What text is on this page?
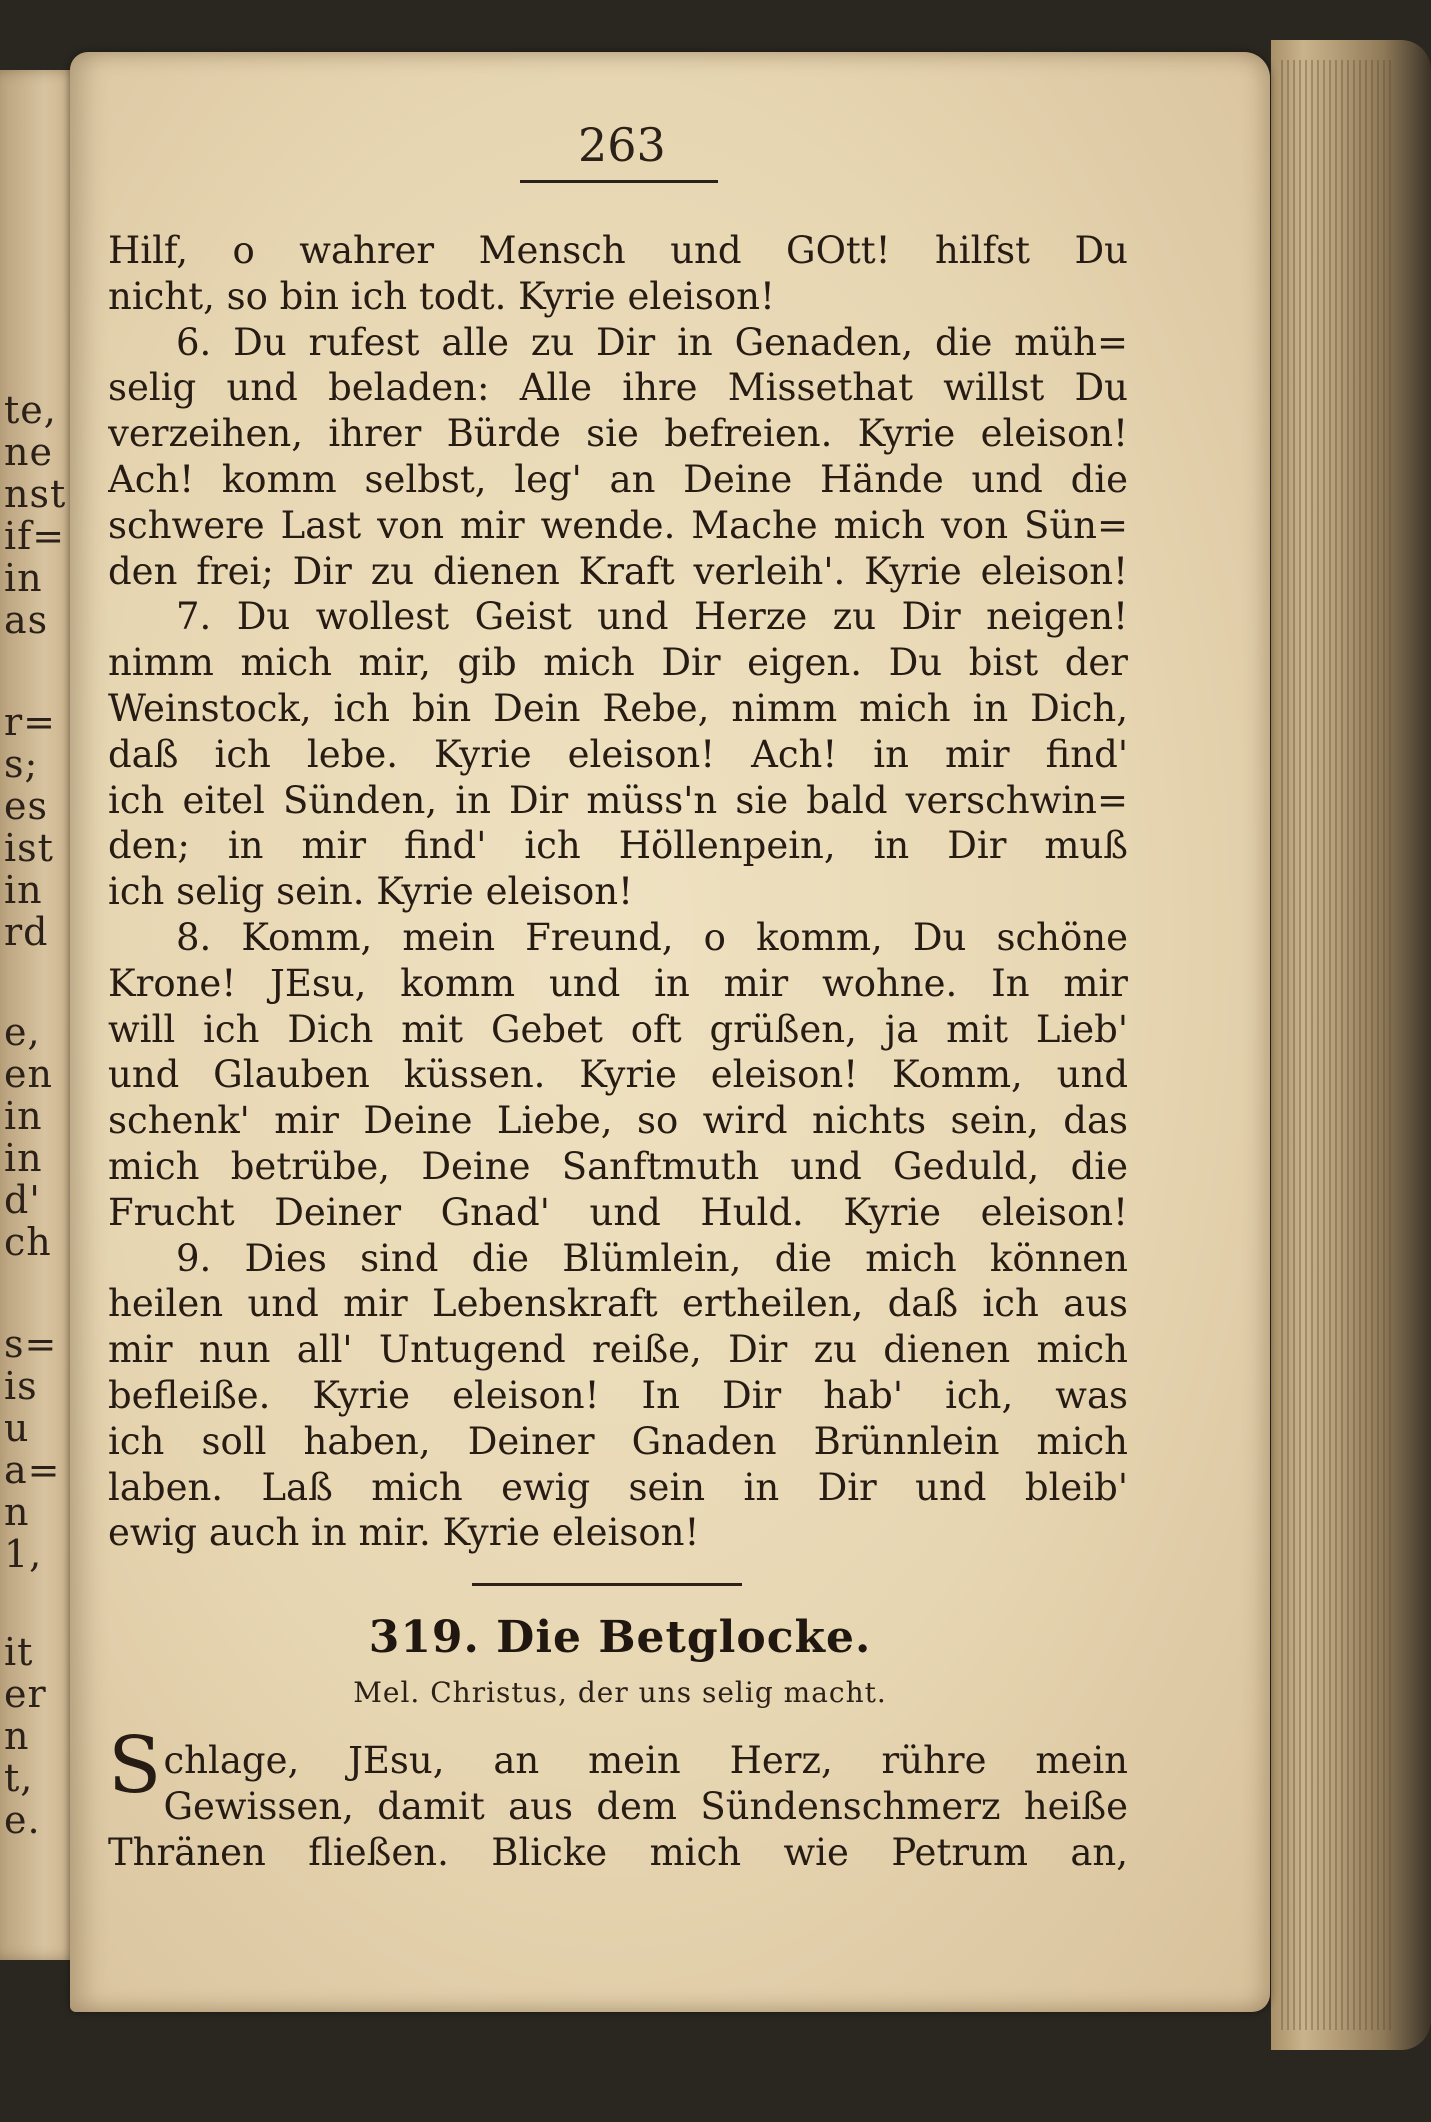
te,
ne
nst
if=
in
as
r=
s;
es
ist
in
rd
e,
en
in
in
d'
ch
s=
is
u
a=
n
1,
it
er
n
t,
e.
263
Hilf, o wahrer Mensch und GOtt! hilfst Du
nicht, so bin ich todt. Kyrie eleison!
6. Du rufest alle zu Dir in Genaden, die müh=
selig und beladen: Alle ihre Missethat willst Du
verzeihen, ihrer Bürde sie befreien. Kyrie eleison!
Ach! komm selbst, leg' an Deine Hände und die
schwere Last von mir wende. Mache mich von Sün=
den frei; Dir zu dienen Kraft verleih'. Kyrie eleison!
7. Du wollest Geist und Herze zu Dir neigen!
nimm mich mir, gib mich Dir eigen. Du bist der
Weinstock, ich bin Dein Rebe, nimm mich in Dich,
daß ich lebe. Kyrie eleison! Ach! in mir find'
ich eitel Sünden, in Dir müss'n sie bald verschwin=
den; in mir find' ich Höllenpein, in Dir muß
ich selig sein. Kyrie eleison!
8. Komm, mein Freund, o komm, Du schöne
Krone! JEsu, komm und in mir wohne. In mir
will ich Dich mit Gebet oft grüßen, ja mit Lieb'
und Glauben küssen. Kyrie eleison! Komm, und
schenk' mir Deine Liebe, so wird nichts sein, das
mich betrübe, Deine Sanftmuth und Geduld, die
Frucht Deiner Gnad' und Huld. Kyrie eleison!
9. Dies sind die Blümlein, die mich können
heilen und mir Lebenskraft ertheilen, daß ich aus
mir nun all' Untugend reiße, Dir zu dienen mich
befleiße. Kyrie eleison! In Dir hab' ich, was
ich soll haben, Deiner Gnaden Brünnlein mich
laben. Laß mich ewig sein in Dir und bleib'
ewig auch in mir. Kyrie eleison!
319. Die Betglocke.
Mel. Christus, der uns selig macht.
S chlage, JEsu, an mein Herz, rühre mein
Gewissen, damit aus dem Sündenschmerz heiße
Thränen fließen. Blicke mich wie Petrum an,
